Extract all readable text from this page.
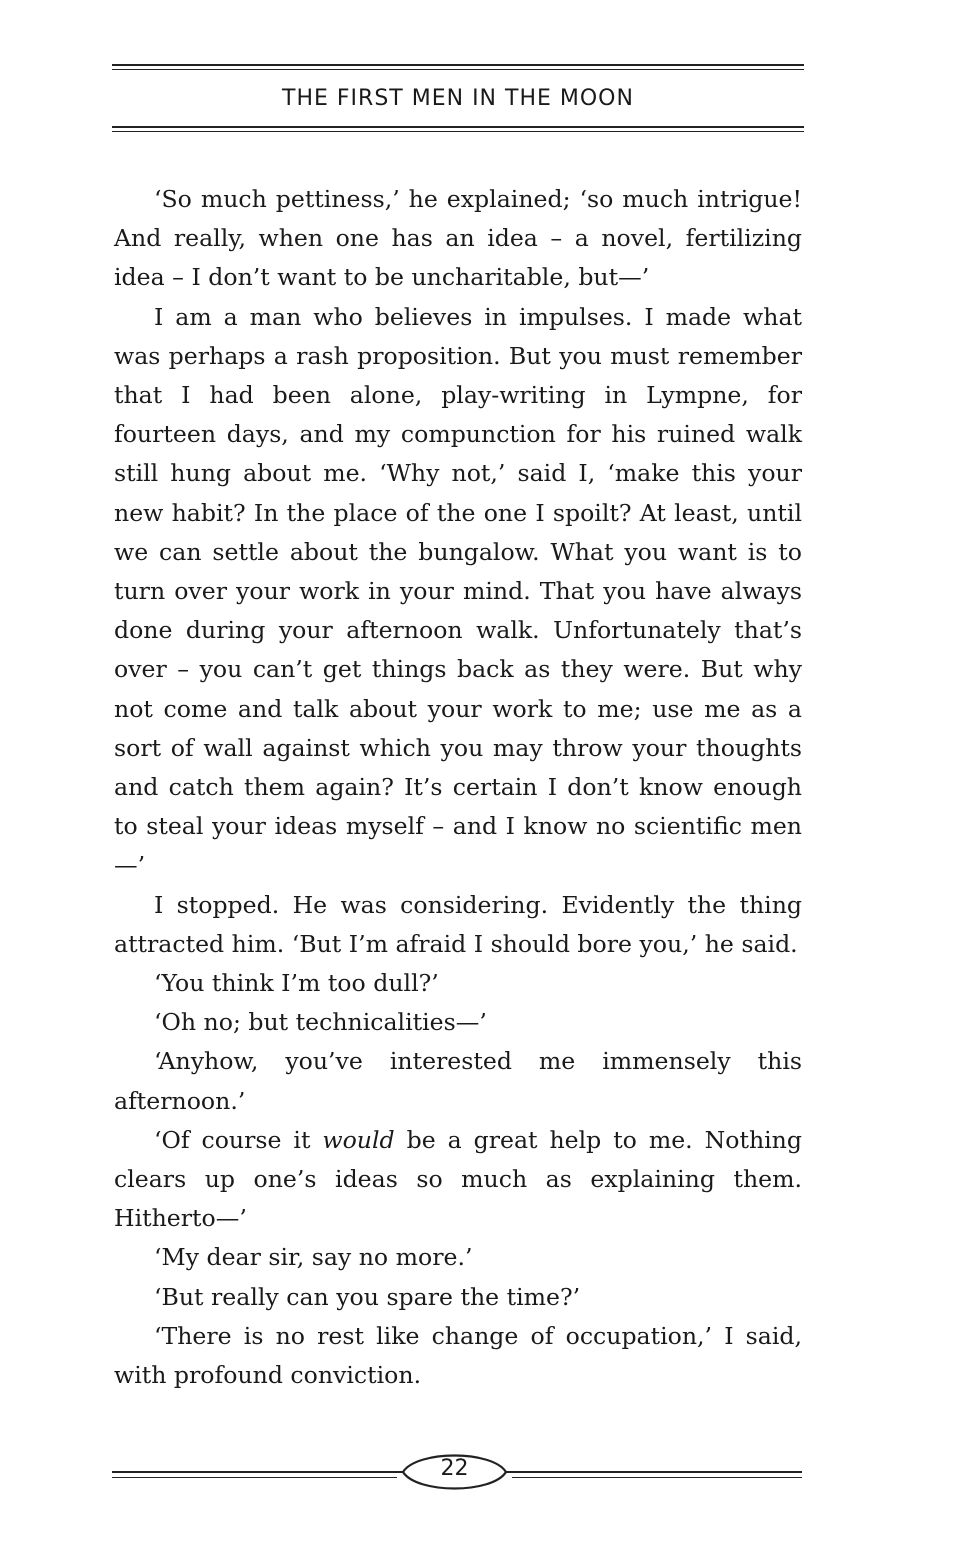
THE FIRST MEN IN THE MOON

‘So much pettiness,’ he explained; ‘so much intrigue! And really, when one has an idea – a novel, fertilizing idea – I don’t want to be uncharitable, but—’

I am a man who believes in impulses. I made what was perhaps a rash proposition. But you must remember that I had been alone, play-writing in Lympne, for fourteen days, and my compunction for his ruined walk still hung about me. ‘Why not,’ said I, ‘make this your new habit? In the place of the one I spoilt? At least, until we can settle about the bungalow. What you want is to turn over your work in your mind. That you have always done during your afternoon walk. Unfortunately that’s over – you can’t get things back as they were. But why not come and talk about your work to me; use me as a sort of wall against which you may throw your thoughts and catch them again? It’s certain I don’t know enough to steal your ideas myself – and I know no scientific men—’

I stopped. He was considering. Evidently the thing attracted him. ‘But I’m afraid I should bore you,’ he said.

‘You think I’m too dull?’

‘Oh no; but technicalities—’

‘Anyhow, you’ve interested me immensely this afternoon.’

‘Of course it would be a great help to me. Nothing clears up one’s ideas so much as explaining them. Hitherto—’

‘My dear sir, say no more.’

‘But really can you spare the time?’

‘There is no rest like change of occupation,’ I said, with profound conviction.

22
